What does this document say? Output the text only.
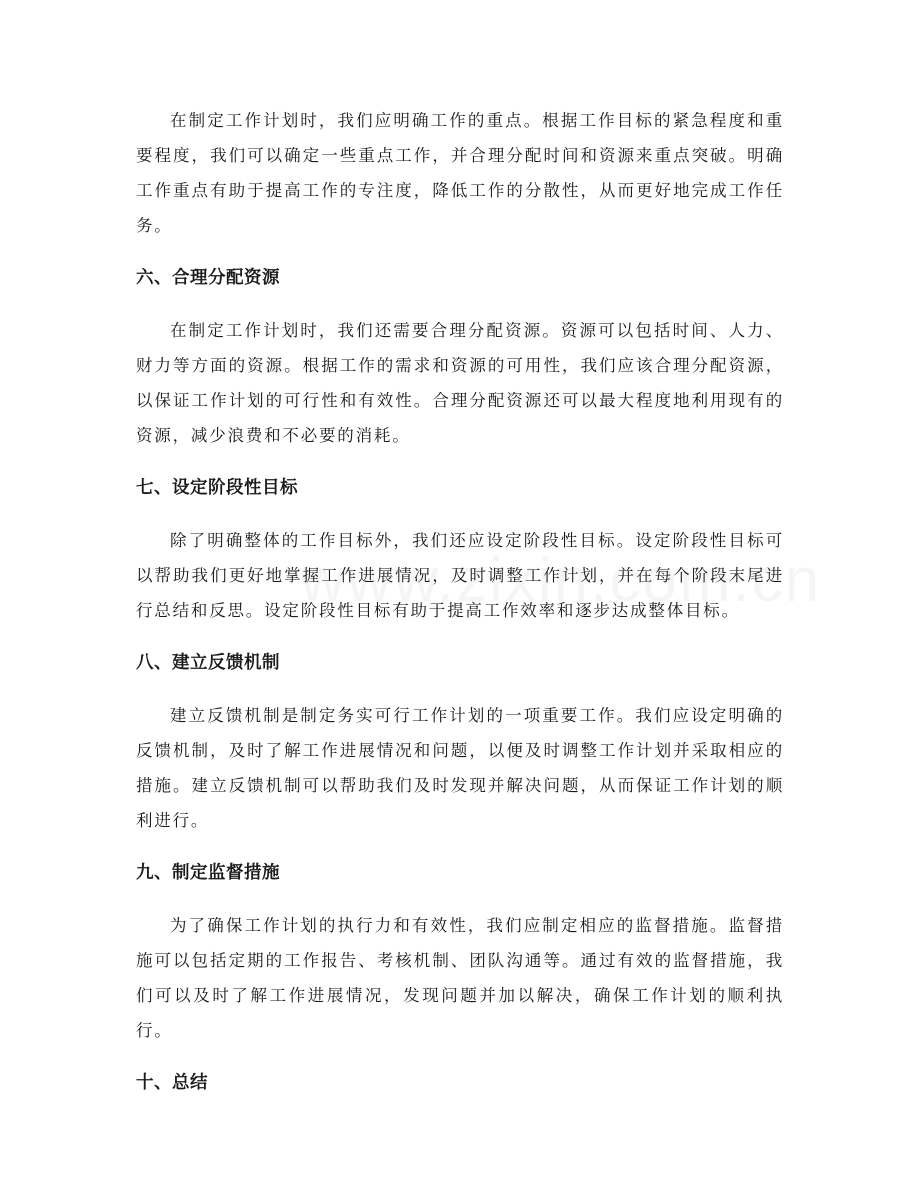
在制定工作计划时，我们应明确工作的重点。根据工作目标的紧急程度和重要程度，我们可以确定一些重点工作，并合理分配时间和资源来重点突破。明确工作重点有助于提高工作的专注度，降低工作的分散性，从而更好地完成工作任务。

六、合理分配资源

在制定工作计划时，我们还需要合理分配资源。资源可以包括时间、人力、财力等方面的资源。根据工作的需求和资源的可用性，我们应该合理分配资源，以保证工作计划的可行性和有效性。合理分配资源还可以最大程度地利用现有的资源，减少浪费和不必要的消耗。

七、设定阶段性目标

除了明确整体的工作目标外，我们还应设定阶段性目标。设定阶段性目标可以帮助我们更好地掌握工作进展情况，及时调整工作计划，并在每个阶段末尾进行总结和反思。设定阶段性目标有助于提高工作效率和逐步达成整体目标。

八、建立反馈机制

建立反馈机制是制定务实可行工作计划的一项重要工作。我们应设定明确的反馈机制，及时了解工作进展情况和问题，以便及时调整工作计划并采取相应的措施。建立反馈机制可以帮助我们及时发现并解决问题，从而保证工作计划的顺利进行。

九、制定监督措施

为了确保工作计划的执行力和有效性，我们应制定相应的监督措施。监督措施可以包括定期的工作报告、考核机制、团队沟通等。通过有效的监督措施，我们可以及时了解工作进展情况，发现问题并加以解决，确保工作计划的顺利执行。

十、总结
